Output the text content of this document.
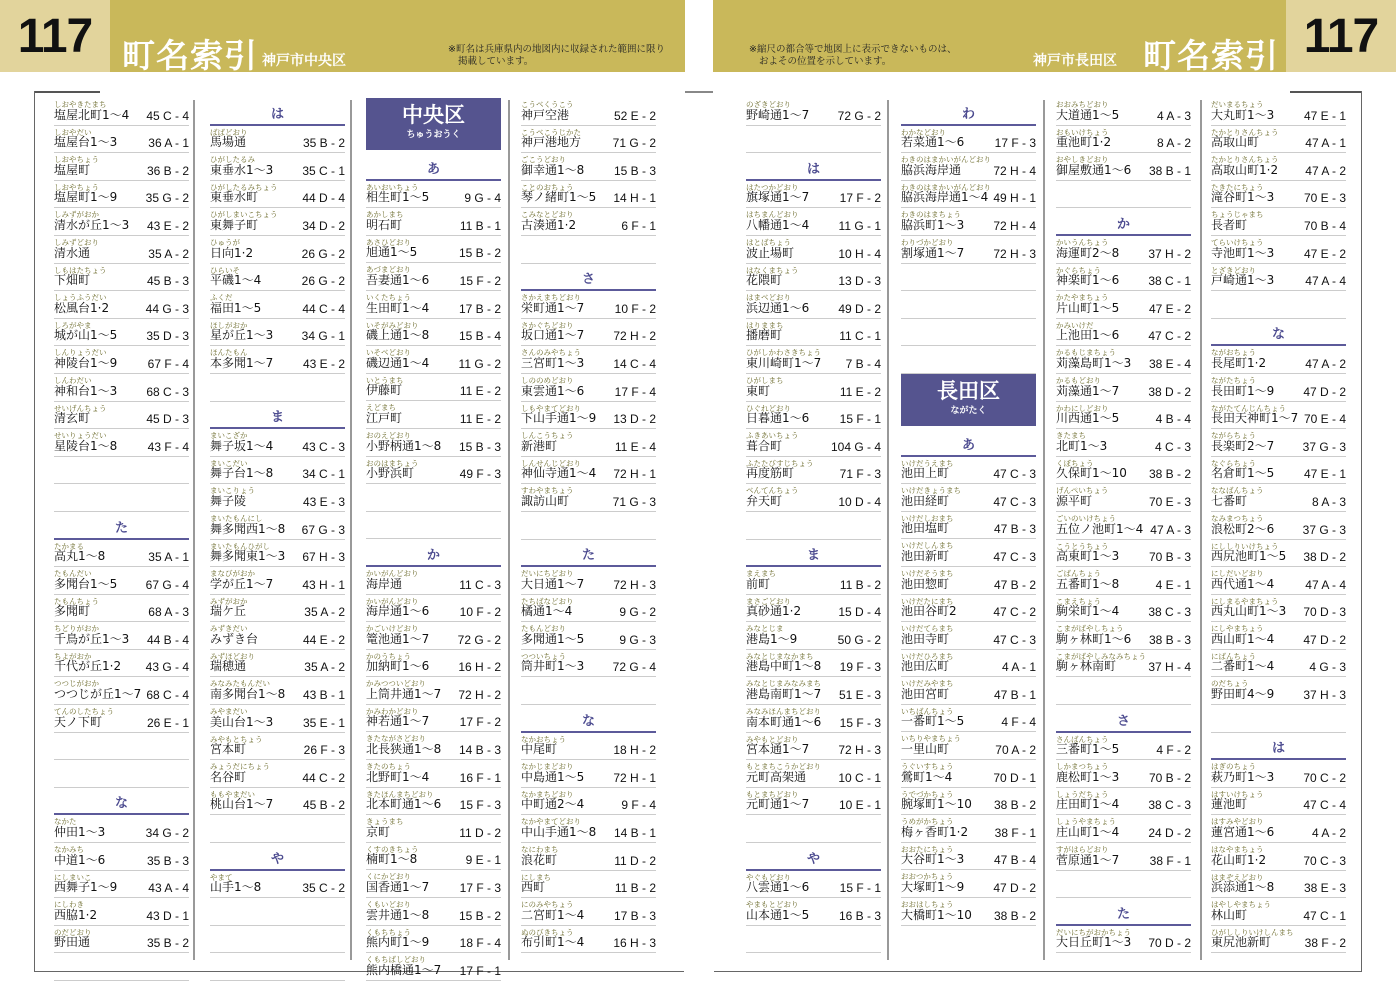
117 町名索引 神戸市中央区
※町名は兵庫県内の地図内に収録された範囲に限り
掲載しています。
※縮尺の都合等で地図上に表示できないものは、
およその位置を示しています。	神戸市長田区 町名索引 117
しおやきたまち
塩屋北町1〜4 45 C - 4
しおやだい
塩屋台1〜3	36 A - 1
しおやちょう
塩屋町	36 B - 2
しおやちょう
塩屋町1〜9 35 G - 2
しみずがおか
清水が丘1〜3 43 E - 2
しみずどおり
清水通	35 A - 2
しもはたちょう
下畑町	45 B - 3
しょうふうだい
松風台1·2	44 G - 3
しろがやま
城が山1〜5 35 D - 3
しんりょうだい
神陵台1〜9	67 F - 4
しんわだい
神和台1〜3 68 C - 3
せいげんちょう
清玄町	45 D - 3
せいりょうだい
星陵台1〜8	43 F - 4
た
たかまる
高丸1〜8	35 A - 1
たもんだい
多聞台1〜5 67 G - 4
たもんちょう
多聞町	68 A - 3
ちどりがおか
千鳥が丘1〜3 44 B - 4
ちよがおか
千代が丘1·2 43 G - 4
つつじがおか
つつじが丘1〜7 68 C - 4
てんのしたちょう
天ノ下町	26 E - 1
な
なかた
仲田1〜3	34 G - 2
なかみち
中道1〜6	35 B - 3
にしまいこ
西舞子1〜9	43 A - 4
にしわき
西脇1·2	43 D - 1
のだどおり
野田通	35 B - 2
は
ばばどおり
馬場通	35 B - 2
ひがしたるみ
東垂水1〜3 35 C - 1
ひがしたるみちょう
東垂水町	44 D - 4
ひがしまいこちょう
東舞子町	34 D - 2
ひゅうが
日向1·2	26 G - 2
ひらいそ
平磯1〜4	26 G - 2
ふくだ
福田1〜5	44 C - 4
ほしがおか
星が丘1〜3 34 G - 1
ほんたもん
本多聞1〜7 43 E - 2
ま
まいこざか
舞子坂1〜4 43 C - 3
まいこだい
舞子台1〜8 34 C - 1
まいこりょう
舞子陵	43 E - 3
まいたもんにし
舞多聞西1〜8 67 G - 3
まいたもんひがし
舞多聞東1〜3 67 H - 3
まなびがおか
学が丘1〜7 43 H - 1
みずがおか
瑞ケ丘	35 A - 2
みずきだい
みずき台	44 E - 2
みずほどおり
瑞穂通	35 A - 2
みなみたもんだい
南多聞台1〜8 43 B - 1
みやまだい
美山台1〜3 35 E - 1
みやもとちょう
宮本町	26 F - 3
みょうだにちょう
名谷町	44 C - 2
ももやまだい
桃山台1〜7 45 B - 2
や
やまて
山手1〜8	35 C - 2
中央区
ちゅうおうく
あ
あいおいちょう
相生町1〜5	9 G - 4
あかしまち
明石町	11 B - 1
あさひどおり
旭通1〜5	15 B - 2
あづまどおり
吾妻通1〜6	15 F - 2
いくたちょう
生田町1〜4 17 B - 2
いそがみどおり
磯上通1〜8 15 B - 4
いそべどおり
磯辺通1〜4 11 G - 2
いとうまち
伊藤町	11 E - 2
えどまち
江戸町	11 E - 2
おのえどおり
小野柄通1〜8 15 B - 3
おのはまちょう
小野浜町	49 F - 3
か
かいがんどおり
海岸通	11 C - 3
かいがんどおり
海岸通1〜6	10 F - 2
かごいけどおり
篭池通1〜7 72 G - 2
かのうちょう
加納町1〜6 16 H - 2
かみつついどおり
上筒井通1〜7 72 H - 2
かみわかどおり
神若通1〜7	17 F - 2
きたながさどおり
北長狭通1〜8 14 B - 3
きたのちょう
北野町1〜4	16 F - 1
きたほんまちどおり
北本町通1〜6 15 F - 3
きょうまち
京町	11 D - 2
くすのきちょう
楠町1〜8	9 E - 1
くにかどおり
国香通1〜7	17 F - 3
くもいどおり
雲井通1〜8 15 B - 2
くもちちょう
熊内町1〜9	18 F - 4
くもちばしどおり
熊内橋通1〜7 17 F - 1
こうべくうこう
神戸空港	52 E - 2
こうべこうじかた
神戸港地方	71 G - 2
ごこうどおり
御幸通1〜8 15 B - 3
ことのおちょう
琴ノ緒町1〜5 14 H - 1
こみなとどおり
古湊通1·2	6 F - 1
さ
さかえまちどおり
栄町通1〜7	10 F - 2
さかぐちどおり
坂口通1〜7 72 H - 2
さんのみやちょう
三宮町1〜3 14 C - 4
しののめどおり
東雲通1〜6	17 F - 4
しもやまてどおり
下山手通1〜9 13 D - 2
しんこうちょう
新港町	11 E - 4
しんせんじどおり
神仙寺通1〜4 72 H - 1
すわやまちょう
諏訪山町	71 G - 3
た
だいにちどおり
大日通1〜7 72 H - 3
たちばなどおり
橘通1〜4	9 G - 2
たもんどおり
多聞通1〜5	9 G - 3
つついちょう
筒井町1〜3 72 G - 4
な
なかおちょう
中尾町	18 H - 2
なかじまどおり
中島通1〜5 72 H - 1
なかまちどおり
中町通2〜4	9 F - 4
なかやまてどおり
中山手通1〜8 14 B - 1
なにわまち
浪花町	11 D - 2
にしまち
西町	11 B - 2
にのみやちょう
二宮町1〜4 17 B - 3
ぬのびきちょう
布引町1〜4 16 H - 3
のざきどおり
野崎通1〜7 72 G - 2
は
はたつかどおり
旗塚通1〜7	17 F - 2
はちまんどおり
八幡通1〜4 11 G - 1
はとばちょう
波止場町	10 H - 4
はなくまちょう
花隈町	13 D - 3
はまべどおり
浜辺通1〜6 49 D - 2
はりままち
播磨町	11 C - 1
ひがしかわさきちょう
東川崎町1〜7 7 B - 4
ひがしまち
東町	11 E - 2
ひぐれどおり
日暮通1〜6	15 F - 1
ふきあいちょう
葺合町	104 G - 4
ふたたびすじちょう
再度筋町	71 F - 3
べんてんちょう
弁天町	10 D - 4
ま
まえまち
前町	11 B - 2
まさごどおり
真砂通1·2	15 D - 4
みなとじま
港島1〜9	50 G - 2
みなとじまなかまち
港島中町1〜8 19 F - 3
みなとじまみなみまち
港島南町1〜7 51 E - 3
みなみほんまちどおり
南本町通1〜6 15 F - 3
みやもとどおり
宮本通1〜7 72 H - 3
もとまちこうかどおり
元町高架通	10 C - 1
もとまちどおり
元町通1〜7 10 E - 1
や
やぐもどおり
八雲通1〜6	15 F - 1
やまもとどおり
山本通1〜5 16 B - 3
わ
わかなどおり
若菜通1〜6	17 F - 3
わきのはまかいがんどおり
脇浜海岸通	72 H - 4
わきのはまかいがんどおり
脇浜海岸通1〜4 49 H - 1
わきのはまちょう
脇浜町1〜3 72 H - 4
わりづかどおり
割塚通1〜7 72 H - 3
長田区
ながたく
あ
いけだうえまち
池田上町	47 C - 3
いけだきょうまち
池田経町	47 C - 3
いけだしおまち
池田塩町	47 B - 3
いけだしんまち
池田新町	47 C - 3
いけだそうまち
池田惣町	47 B - 2
いけだたにまち
池田谷町2	47 C - 2
いけだてらまち
池田寺町	47 C - 3
いけだひろまち
池田広町	4 A - 1
いけだみやまち
池田宮町	47 B - 1
いちばんちょう
一番町1〜5	4 F - 4
いちりやまちょう
一里山町	70 A - 2
うぐいすちょう
鶯町1〜4	70 D - 1
うでづかちょう
腕塚町1〜10 38 B - 2
うめがかちょう
梅ヶ香町1·2 38 F - 1
おおたにちょう
大谷町1〜3 47 B - 4
おおつかちょう
大塚町1〜9 47 D - 2
おおはしちょう
大橋町1〜10 38 B - 2
おおみちどおり
大道通1〜5	4 A - 3
おもいけちょう
重池町1·2	8 A - 2
おやしきどおり
御屋敷通1〜6 38 B - 1
か
かいうんちょう
海運町2〜8 37 H - 2
かぐらちょう
神楽町1〜6 38 C - 1
かたやまちょう
片山町1〜5 47 E - 2
かみいけだ
上池田1〜6 47 C - 2
かるもじまちょう
苅藻島町1〜3 38 E - 4
かるもどおり
苅藻通1〜7 38 D - 2
かわにしどおり
川西通1〜5	4 B - 4
きたまち
北町1〜3	4 C - 3
くぼちょう
久保町1〜10 38 B - 2
げんぺいちょう
源平町	70 E - 3
ごいのいけちょう
五位ノ池町1〜4 47 A - 3
こうとうちょう
高東町1〜3 70 B - 3
ごばんちょう
五番町1〜8	4 E - 1
こまえちょう
駒栄町1〜4 38 C - 3
こまがばやしちょう
駒ヶ林町1〜6 38 B - 3
こまがばやしみなみちょう
駒ヶ林南町	37 H - 4
さ
さんばんちょう
三番町1〜5	4 F - 2
しかまつちょう
鹿松町1〜3 70 B - 2
しょうだちょう
庄田町1〜4 38 C - 3
しょうやまちょう
庄山町1〜4 24 D - 2
すがはらどおり
菅原通1〜7	38 F - 1
た
だいにちがおかちょう
大日丘町1〜3 70 D - 2
だいまるちょう
大丸町1〜3 47 E - 1
たかとりさんちょう
高取山町	47 A - 1
たかとりさんちょう
高取山町1·2 47 A - 2
たきたにちょう
滝谷町1〜3 70 E - 3
ちょうじゃまち
長者町	70 B - 4
てらいけちょう
寺池町1〜3 47 E - 2
とざきどおり
戸崎通1〜3	47 A - 4
な
ながおちょう
長尾町1·2	47 A - 2
ながたちょう
長田町1〜9 47 D - 2
ながたてんじんちょう
長田天神町1〜7 70 E - 4
ながらちょう
長楽町2〜7 37 G - 3
なぐらちょう
名倉町1〜5 47 E - 1
ななばんちょう
七番町	8 A - 3
なみまつちょう
浪松町2〜6 37 G - 3
にししりいけちょう
西尻池町1〜5 38 D - 2
にしだいどおり
西代通1〜4	47 A - 4
にしまるやまちょう
西丸山町1〜3 70 D - 3
にしやまちょう
西山町1〜4 47 D - 2
にばんちょう
二番町1〜4	4 G - 3
のだちょう
野田町4〜9 37 H - 3
は
はぎのちょう
萩乃町1〜3 70 C - 2
はすいけちょう
蓮池町	47 C - 4
はすみやどおり
蓮宮通1〜6	4 A - 2
はなやまちょう
花山町1·2	70 C - 3
はまぞえどおり
浜添通1〜8 38 E - 3
はやしやまちょう
林山町	47 C - 1
ひがししりいけしんまち
東尻池新町	38 F - 2
